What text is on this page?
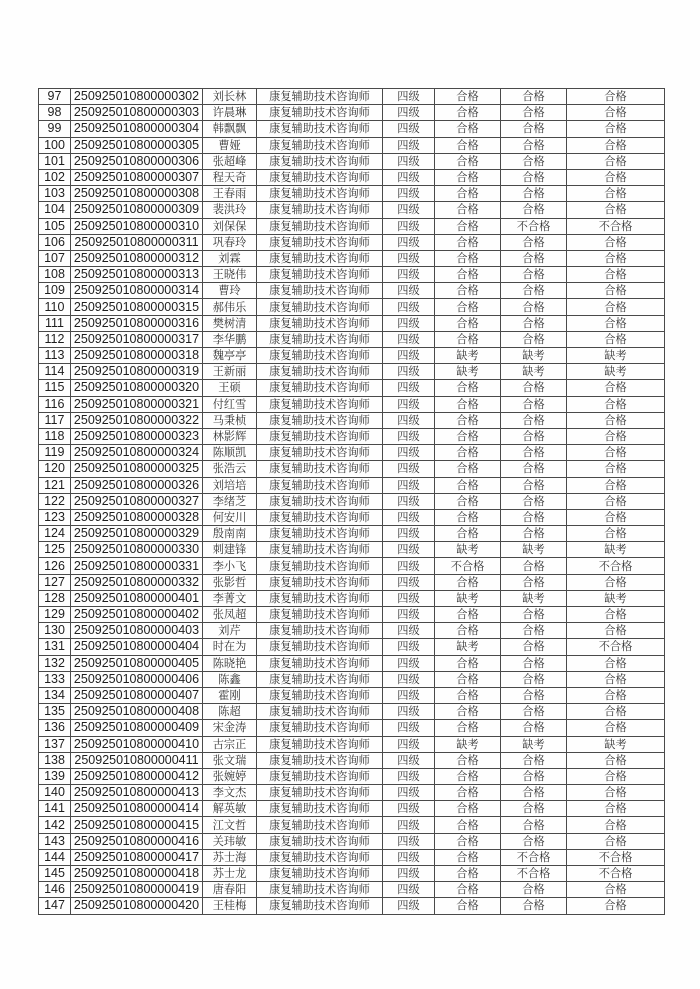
97	250925010800000302	刘长林	康复辅助技术咨询师	四级	合格	合格	合格
98	250925010800000303	许晨琳	康复辅助技术咨询师	四级	合格	合格	合格
99	250925010800000304	韩飘飘	康复辅助技术咨询师	四级	合格	合格	合格
100	250925010800000305	曹娅	康复辅助技术咨询师	四级	合格	合格	合格
101	250925010800000306	张超峰	康复辅助技术咨询师	四级	合格	合格	合格
102	250925010800000307	程天奇	康复辅助技术咨询师	四级	合格	合格	合格
103	250925010800000308	王春雨	康复辅助技术咨询师	四级	合格	合格	合格
104	250925010800000309	裴洪玲	康复辅助技术咨询师	四级	合格	合格	合格
105	250925010800000310	刘保保	康复辅助技术咨询师	四级	合格	不合格	不合格
106	250925010800000311	巩春玲	康复辅助技术咨询师	四级	合格	合格	合格
107	250925010800000312	刘霖	康复辅助技术咨询师	四级	合格	合格	合格
108	250925010800000313	王晓伟	康复辅助技术咨询师	四级	合格	合格	合格
109	250925010800000314	曹玲	康复辅助技术咨询师	四级	合格	合格	合格
110	250925010800000315	郝伟乐	康复辅助技术咨询师	四级	合格	合格	合格
111	250925010800000316	樊树清	康复辅助技术咨询师	四级	合格	合格	合格
112	250925010800000317	李华鹏	康复辅助技术咨询师	四级	合格	合格	合格
113	250925010800000318	魏亭亭	康复辅助技术咨询师	四级	缺考	缺考	缺考
114	250925010800000319	王新丽	康复辅助技术咨询师	四级	缺考	缺考	缺考
115	250925010800000320	王硕	康复辅助技术咨询师	四级	合格	合格	合格
116	250925010800000321	付红雪	康复辅助技术咨询师	四级	合格	合格	合格
117	250925010800000322	马秉桢	康复辅助技术咨询师	四级	合格	合格	合格
118	250925010800000323	林影辉	康复辅助技术咨询师	四级	合格	合格	合格
119	250925010800000324	陈顺凯	康复辅助技术咨询师	四级	合格	合格	合格
120	250925010800000325	张浩云	康复辅助技术咨询师	四级	合格	合格	合格
121	250925010800000326	刘培培	康复辅助技术咨询师	四级	合格	合格	合格
122	250925010800000327	李绪芝	康复辅助技术咨询师	四级	合格	合格	合格
123	250925010800000328	何安川	康复辅助技术咨询师	四级	合格	合格	合格
124	250925010800000329	殷南南	康复辅助技术咨询师	四级	合格	合格	合格
125	250925010800000330	刺建锋	康复辅助技术咨询师	四级	缺考	缺考	缺考
126	250925010800000331	李小飞	康复辅助技术咨询师	四级	不合格	合格	不合格
127	250925010800000332	张影哲	康复辅助技术咨询师	四级	合格	合格	合格
128	250925010800000401	李菁文	康复辅助技术咨询师	四级	缺考	缺考	缺考
129	250925010800000402	张凤超	康复辅助技术咨询师	四级	合格	合格	合格
130	250925010800000403	刘芹	康复辅助技术咨询师	四级	合格	合格	合格
131	250925010800000404	时在为	康复辅助技术咨询师	四级	缺考	合格	不合格
132	250925010800000405	陈晓艳	康复辅助技术咨询师	四级	合格	合格	合格
133	250925010800000406	陈鑫	康复辅助技术咨询师	四级	合格	合格	合格
134	250925010800000407	霍刚	康复辅助技术咨询师	四级	合格	合格	合格
135	250925010800000408	陈超	康复辅助技术咨询师	四级	合格	合格	合格
136	250925010800000409	宋金涛	康复辅助技术咨询师	四级	合格	合格	合格
137	250925010800000410	古宗正	康复辅助技术咨询师	四级	缺考	缺考	缺考
138	250925010800000411	张文瑞	康复辅助技术咨询师	四级	合格	合格	合格
139	250925010800000412	张婉婷	康复辅助技术咨询师	四级	合格	合格	合格
140	250925010800000413	李文杰	康复辅助技术咨询师	四级	合格	合格	合格
141	250925010800000414	解英敏	康复辅助技术咨询师	四级	合格	合格	合格
142	250925010800000415	江文哲	康复辅助技术咨询师	四级	合格	合格	合格
143	250925010800000416	关玮敏	康复辅助技术咨询师	四级	合格	合格	合格
144	250925010800000417	苏士海	康复辅助技术咨询师	四级	合格	不合格	不合格
145	250925010800000418	苏士龙	康复辅助技术咨询师	四级	合格	不合格	不合格
146	250925010800000419	唐春阳	康复辅助技术咨询师	四级	合格	合格	合格
147	250925010800000420	王桂梅	康复辅助技术咨询师	四级	合格	合格	合格
